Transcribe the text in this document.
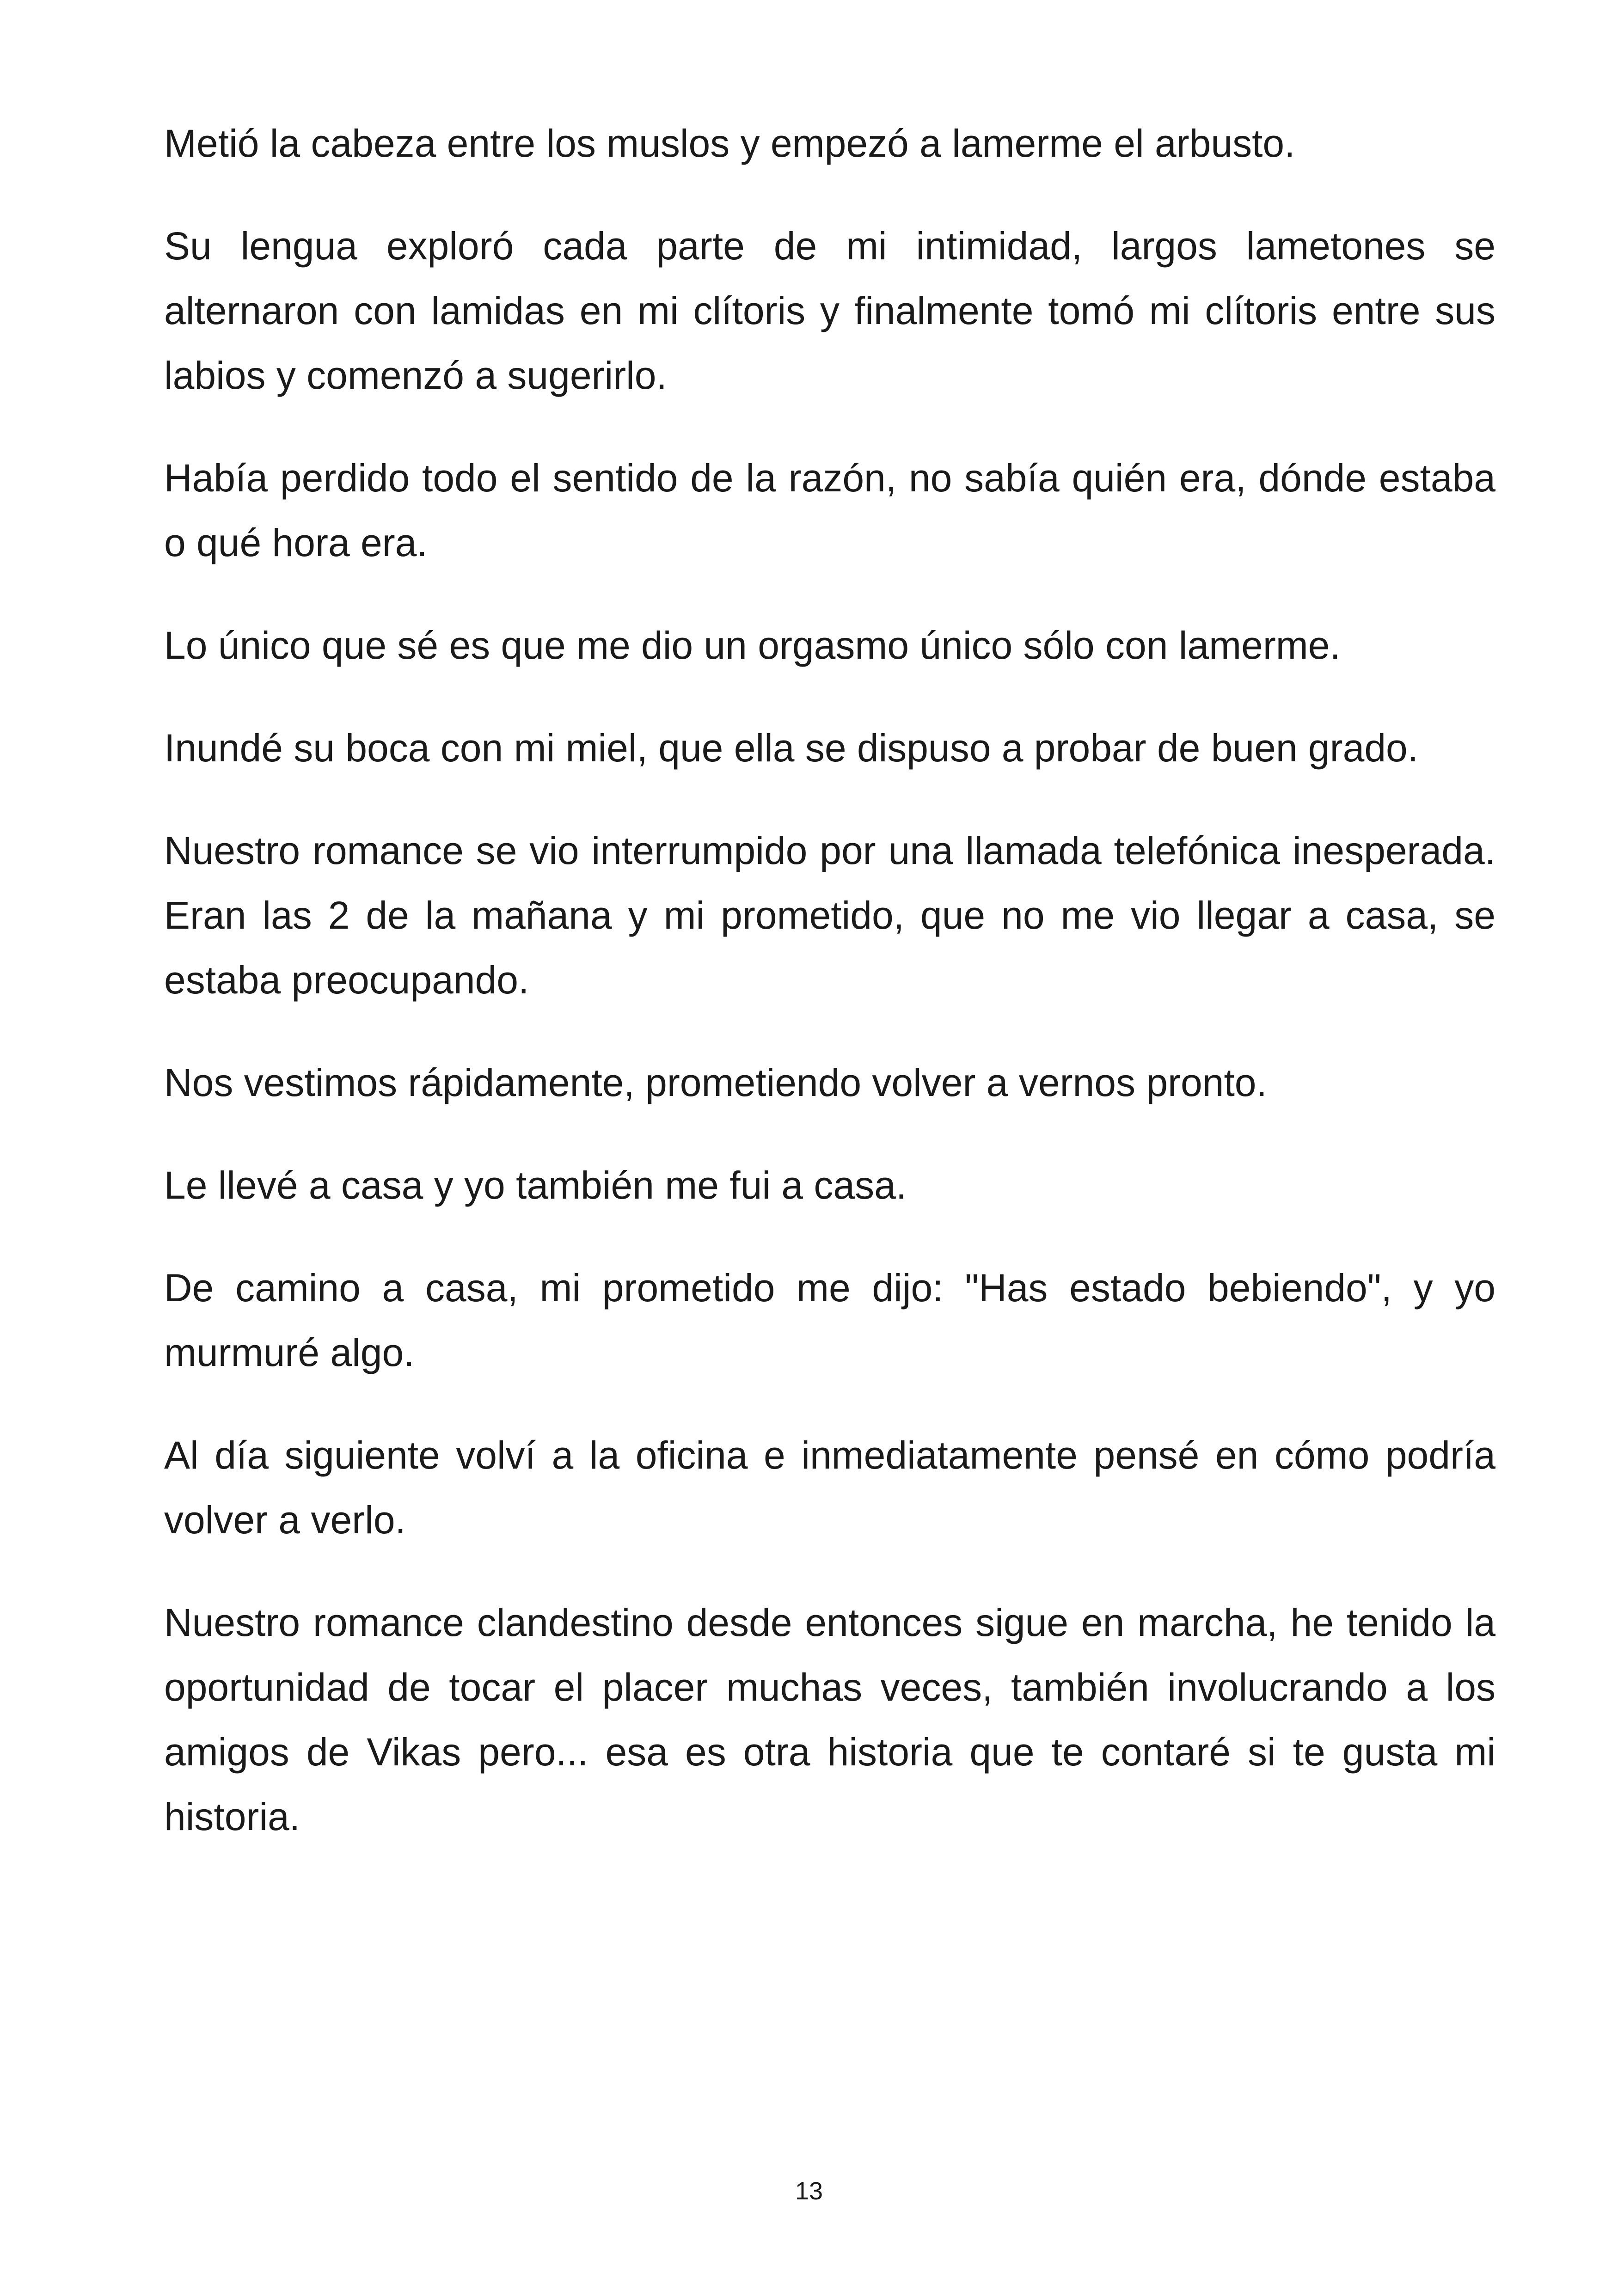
Metió la cabeza entre los muslos y empezó a lamerme el arbusto.

Su lengua exploró cada parte de mi intimidad, largos lametones se alternaron con lamidas en mi clítoris y finalmente tomó mi clítoris entre sus labios y comenzó a sugerirlo.

Había perdido todo el sentido de la razón, no sabía quién era, dónde estaba o qué hora era.

Lo único que sé es que me dio un orgasmo único sólo con lamerme.

Inundé su boca con mi miel, que ella se dispuso a probar de buen grado.

Nuestro romance se vio interrumpido por una llamada telefónica inesperada. Eran las 2 de la mañana y mi prometido, que no me vio llegar a casa, se estaba preocupando.

Nos vestimos rápidamente, prometiendo volver a vernos pronto.

Le llevé a casa y yo también me fui a casa.

De camino a casa, mi prometido me dijo: "Has estado bebiendo", y yo murmuré algo.

Al día siguiente volví a la oficina e inmediatamente pensé en cómo podría volver a verlo.

Nuestro romance clandestino desde entonces sigue en marcha, he tenido la oportunidad de tocar el placer muchas veces, también involucrando a los amigos de Vikas pero... esa es otra historia que te contaré si te gusta mi historia.

13
